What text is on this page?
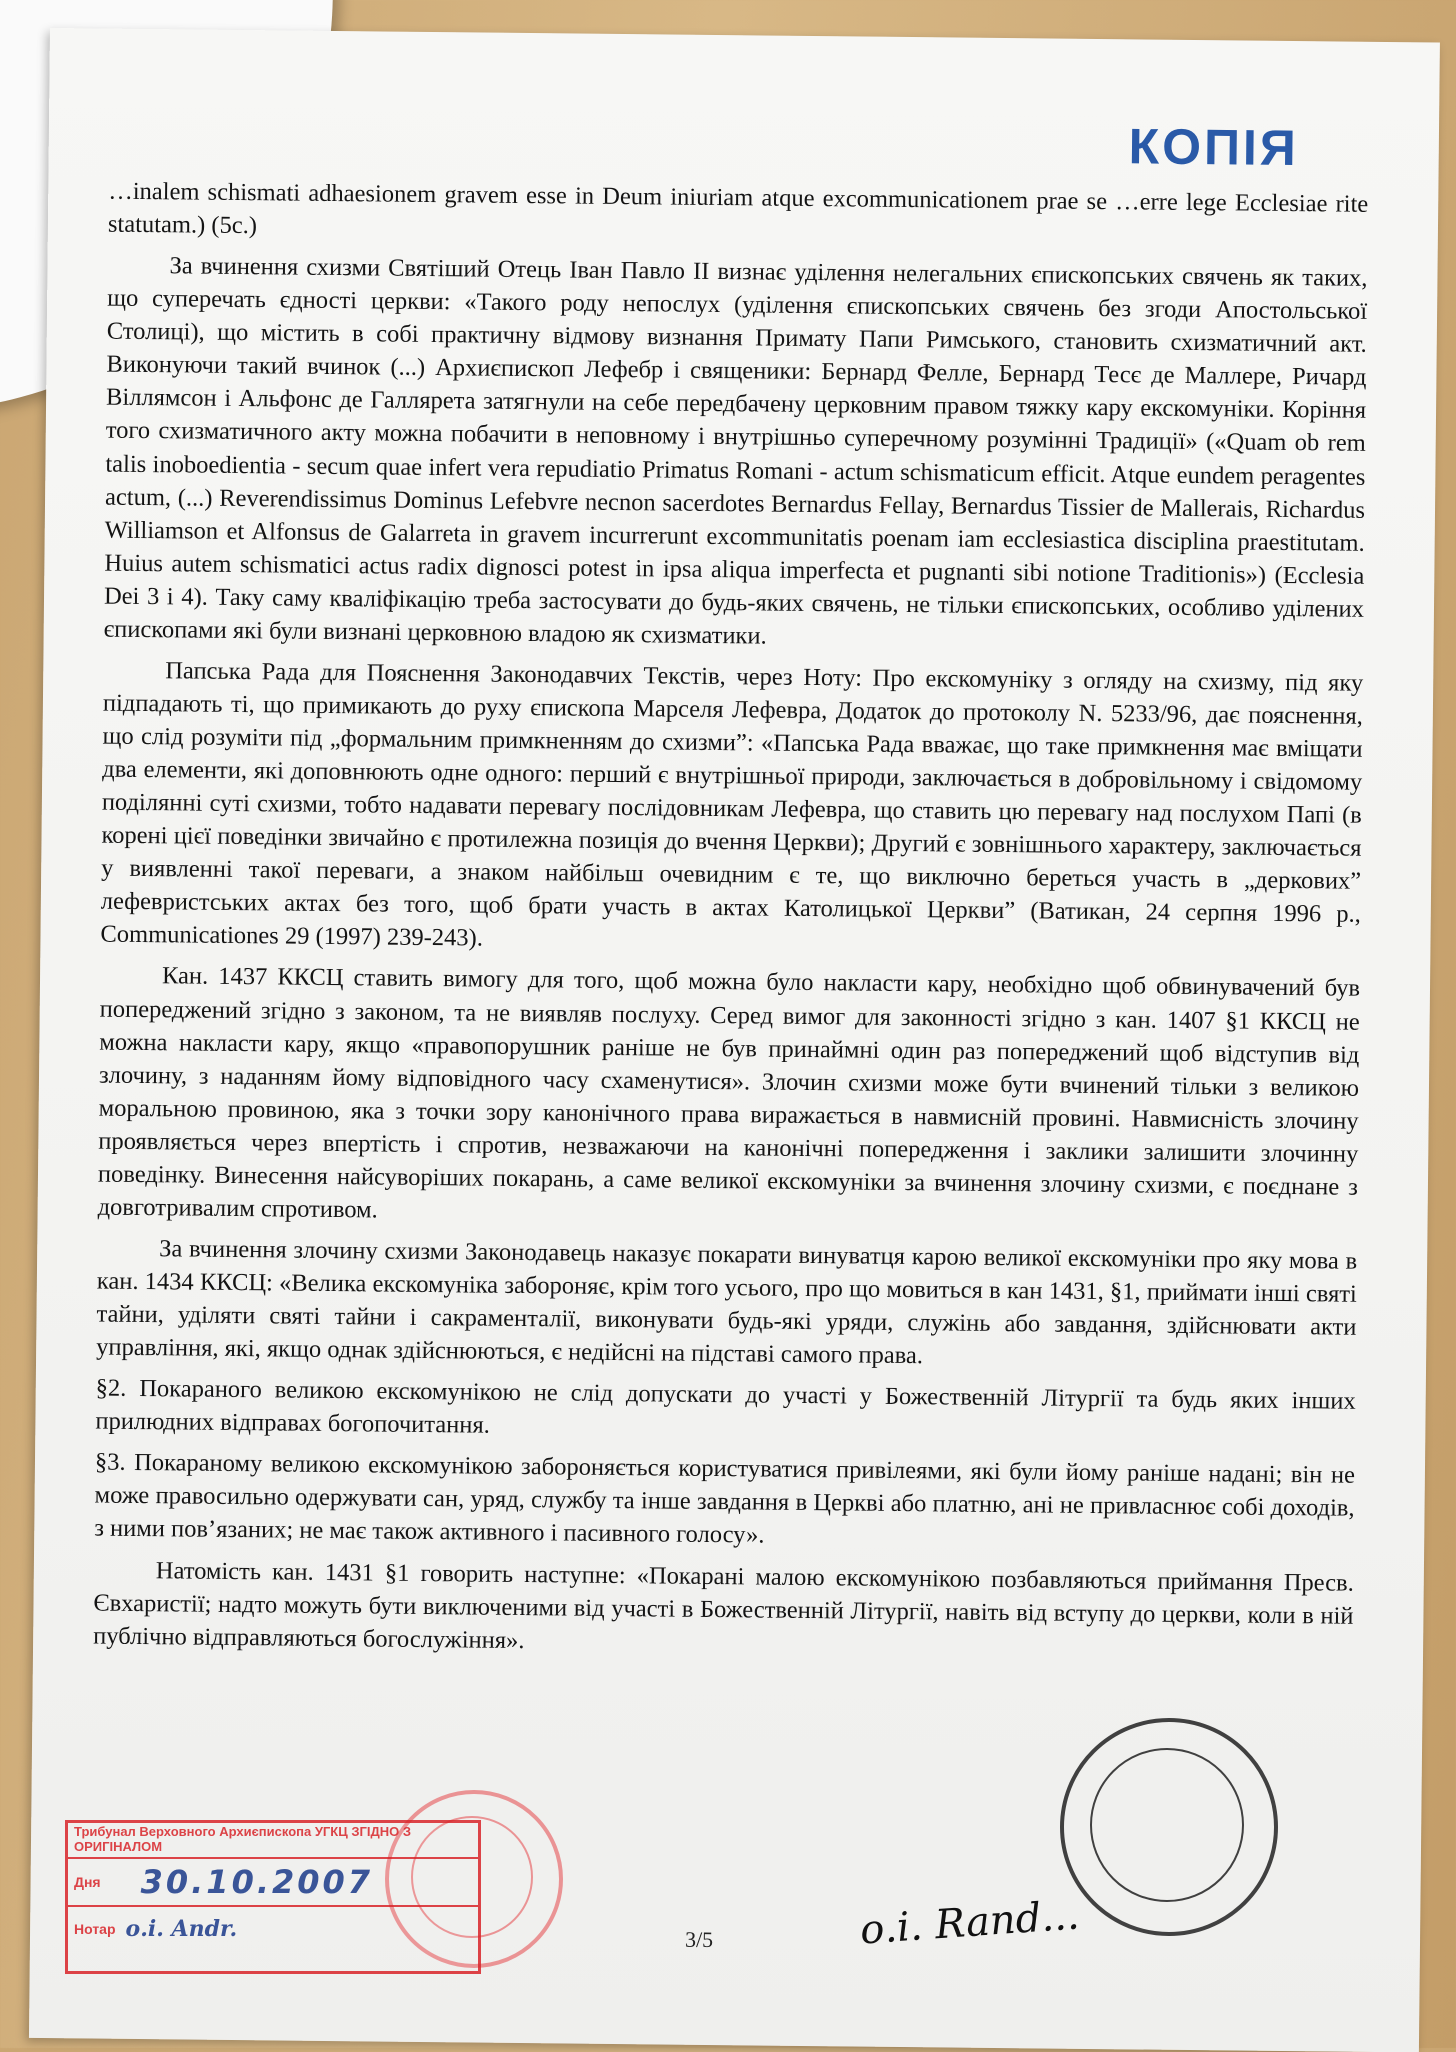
КОПІЯ

…inalem schismati adhaesionem gravem esse in Deum iniuriam atque excommunicationem prae se …erre lege Ecclesiae rite statutam.) (5c.)

За вчинення схизми Святіший Отець Іван Павло II визнає уділення нелегальних єпископських свячень як таких, що суперечать єдності церкви: «Такого роду непослух (уділення єпископських свячень без згоди Апостольської Столиці), що містить в собі практичну відмову визнання Примату Папи Римського, становить схизматичний акт. Виконуючи такий вчинок (...) Архиєпископ Лефебр і священики: Бернард Фелле, Бернард Тесє де Маллере, Ричард Віллямсон і Альфонс де Галлярета затягнули на себе передбачену церковним правом тяжку кару екскомуніки. Коріння того схизматичного акту можна побачити в неповному і внутрішньо суперечному розумінні Традиції» («Quam ob rem talis inoboedientia - secum quae infert vera repudiatio Primatus Romani - actum schismaticum efficit. Atque eundem peragentes actum, (...) Reverendissimus Dominus Lefebvre necnon sacerdotes Bernardus Fellay, Bernardus Tissier de Mallerais, Richardus Williamson et Alfonsus de Galarreta in gravem incurrerunt excommunitatis poenam iam ecclesiastica disciplina praestitutam. Huius autem schismatici actus radix dignosci potest in ipsa aliqua imperfecta et pugnanti sibi notione Traditionis») (Ecclesia Dei 3 і 4). Таку саму кваліфікацію треба застосувати до будь-яких свячень, не тільки єпископських, особливо уділених єпископами які були визнані церковною владою як схизматики.

Папська Рада для Пояснення Законодавчих Текстів, через Ноту: Про екскомуніку з огляду на схизму, під яку підпадають ті, що примикають до руху єпископа Марселя Лефевра, Додаток до протоколу N. 5233/96, дає пояснення, що слід розуміти під „формальним примкненням до схизми”: «Папська Рада вважає, що таке примкнення має вміщати два елементи, які доповнюють одне одного: перший є внутрішньої природи, заключається в добровільному і свідомому поділянні суті схизми, тобто надавати перевагу послідовникам Лефевра, що ставить цю перевагу над послухом Папі (в корені цієї поведінки звичайно є протилежна позиція до вчення Церкви); Другий є зовнішнього характеру, заключається у виявленні такої переваги, а знаком найбільш очевидним є те, що виключно береться участь в „деркових” лефевристських актах без того, щоб брати участь в актах Католицької Церкви” (Ватикан, 24 серпня 1996 р., Communicationes 29 (1997) 239-243).

Кан. 1437 ККСЦ ставить вимогу для того, щоб можна було накласти кару, необхідно щоб обвинувачений був попереджений згідно з законом, та не виявляв послуху. Серед вимог для законності згідно з кан. 1407 §1 ККСЦ не можна накласти кару, якщо «правопорушник раніше не був принаймні один раз попереджений щоб відступив від злочину, з наданням йому відповідного часу схаменутися». Злочин схизми може бути вчинений тільки з великою моральною провиною, яка з точки зору канонічного права виражається в навмисній провині. Навмисність злочину проявляється через впертість і спротив, незважаючи на канонічні попередження і заклики залишити злочинну поведінку. Винесення найсуворіших покарань, а саме великої екскомуніки за вчинення злочину схизми, є поєднане з довготривалим спротивом.

За вчинення злочину схизми Законодавець наказує покарати винуватця карою великої екскомуніки про яку мова в кан. 1434 ККСЦ: «Велика екскомуніка забороняє, крім того усього, про що мовиться в кан 1431, §1, приймати інші святі тайни, уділяти святі тайни і сакраменталії, виконувати будь-які уряди, служінь або завдання, здійснювати акти управління, які, якщо однак здійснюються, є недійсні на підставі самого права.

§2. Покараного великою екскомунікою не слід допускати до участі у Божественній Літургії та будь яких інших прилюдних відправах богопочитання.

§3. Покараному великою екскомунікою забороняється користуватися привілеями, які були йому раніше надані; він не може правосильно одержувати сан, уряд, службу та інше завдання в Церкві або платню, ані не привласнює собі доходів, з ними пов’язаних; не має також активного і пасивного голосу».

Натомість кан. 1431 §1 говорить наступне: «Покарані малою екскомунікою позбавляються приймання Пресв. Євхаристії; надто можуть бути виключеними від участі в Божественній Літургії, навіть від вступу до церкви, коли в ній публічно відправляються богослужіння».

3/5
Трибунал Верховного Архиєпископа УГКЦ ЗГІДНО З ОРИГІНАЛОМ
Дня 30.10.2007
Нотар о.і. Andr.	о.і. Rand...
